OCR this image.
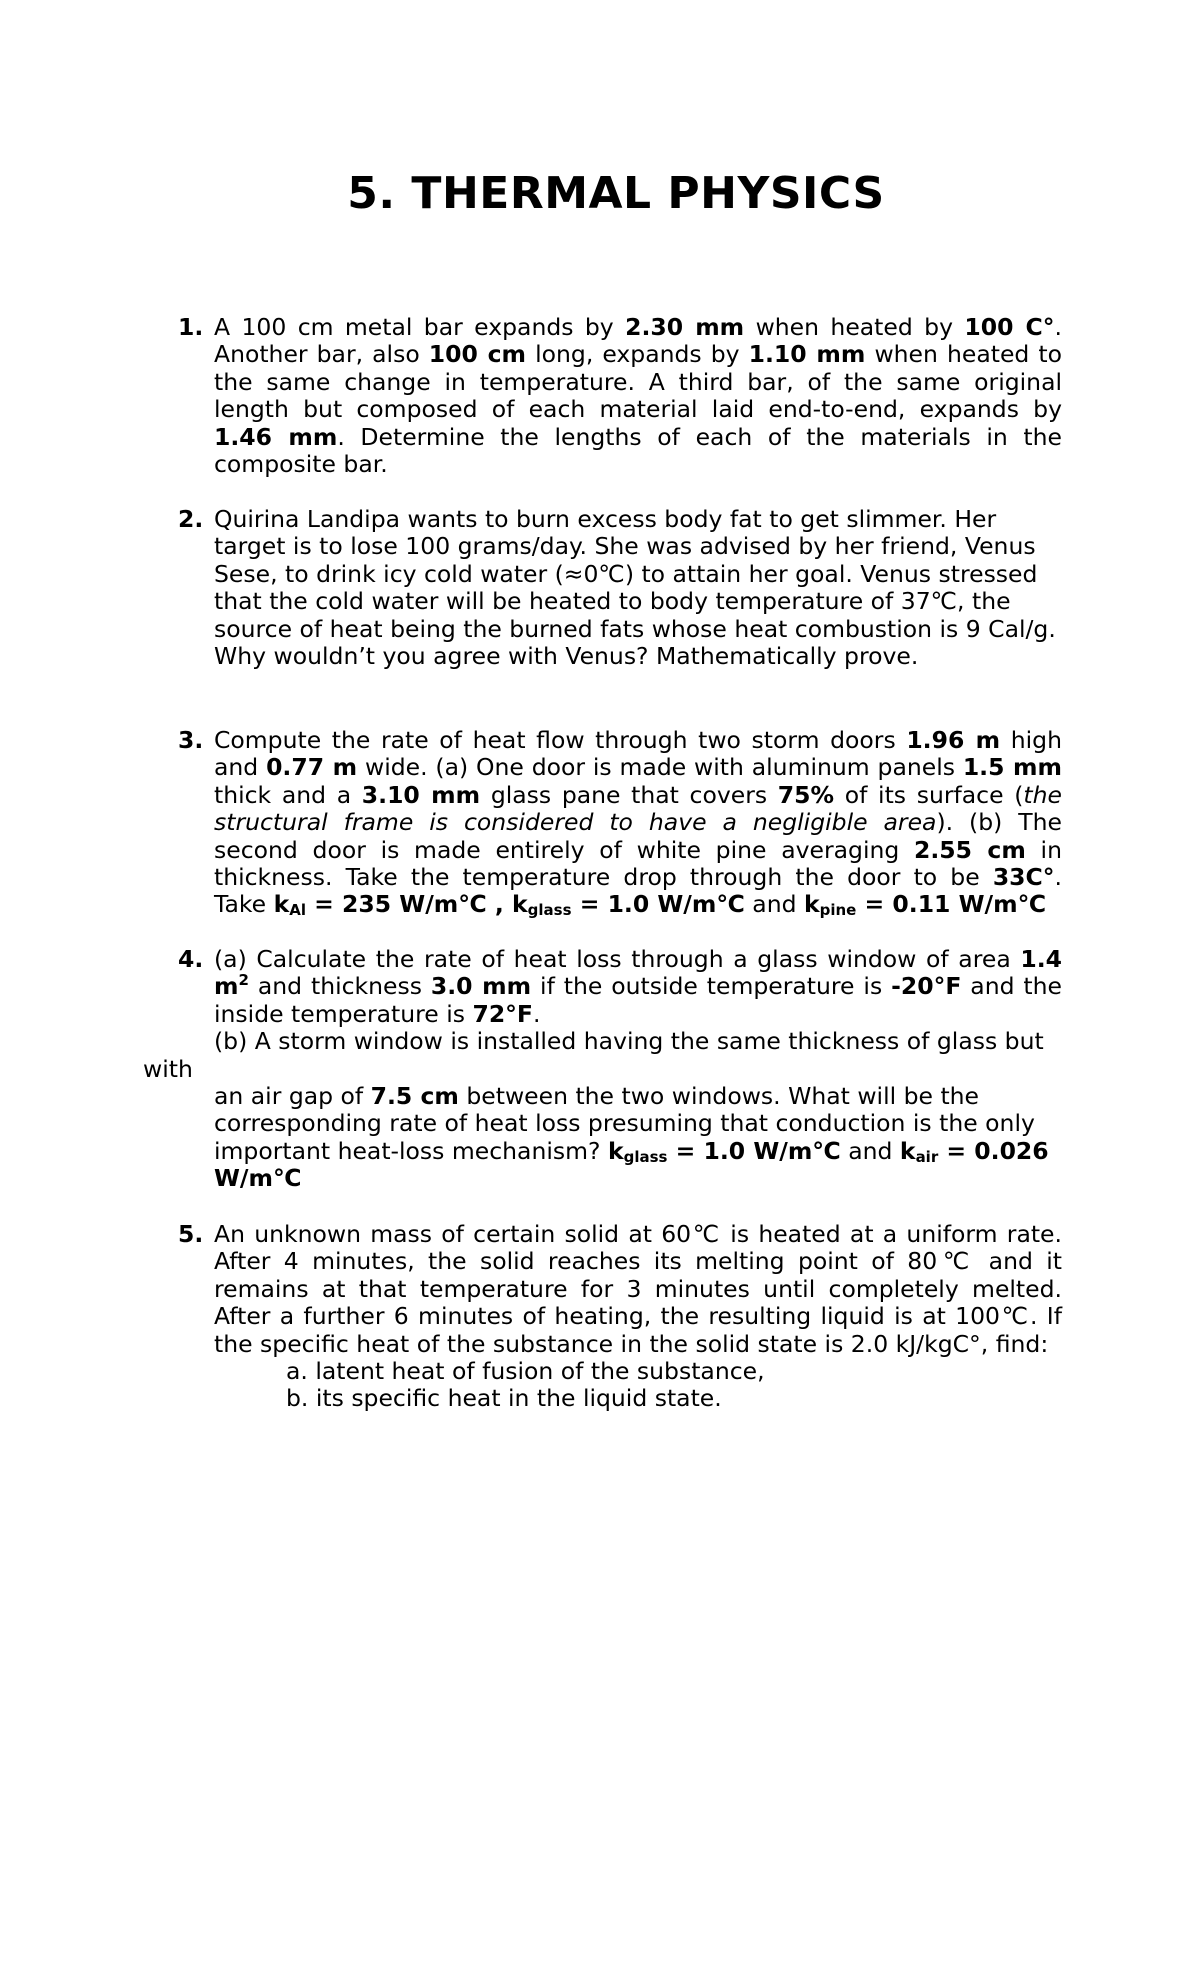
5. THERMAL PHYSICS
1. A 100 cm metal bar expands by 2.30 mm when heated by 100 C°. Another bar, also 100 cm long, expands by 1.10 mm when heated to the same change in temperature. A third bar, of the same original length but composed of each material laid end-to-end, expands by 1.46 mm. Determine the lengths of each of the materials in the composite bar.
2. Quirina Landipa wants to burn excess body fat to get slimmer. Her
target is to lose 100 grams/day. She was advised by her friend, Venus
Sese, to drink icy cold water (≈0℃) to attain her goal. Venus stressed
that the cold water will be heated to body temperature of 37℃, the
source of heat being the burned fats whose heat combustion is 9 Cal/g.
Why wouldn’t you agree with Venus? Mathematically prove.
3. Compute the rate of heat flow through two storm doors 1.96 m high and 0.77 m wide. (a) One door is made with aluminum panels 1.5 mm thick and a 3.10 mm glass pane that covers 75% of its surface (the structural frame is considered to have a negligible area). (b) The second door is made entirely of white pine averaging 2.55 cm in thickness. Take the temperature drop through the door to be 33C°. Take $k_{Al} = 235$ W/m℃ , $k_{glass} = 1.0$ W/m℃ and $k_{pine} = 0.11$ W/m℃
4. (a) Calculate the rate of heat loss through a glass window of area 1.4 $m^2$ and thickness 3.0 mm if the outside temperature is -20°F and the inside temperature is 72°F.
(b) A storm window is installed having the same thickness of glass but
with
an air gap of 7.5 cm between the two windows. What will be the
corresponding rate of heat loss presuming that conduction is the only
important heat-loss mechanism? $k_{glass} = 1.0$ W/m℃ and $k_{air} = 0.026$
W/m℃
5. An unknown mass of certain solid at 60℃ is heated at a uniform rate. After 4 minutes, the solid reaches its melting point of 80℃ and it remains at that temperature for 3 minutes until completely melted. After a further 6 minutes of heating, the resulting liquid is at 100℃. If the specific heat of the substance in the solid state is 2.0 kJ/kgC°, find:
a. latent heat of fusion of the substance,
b. its specific heat in the liquid state.
